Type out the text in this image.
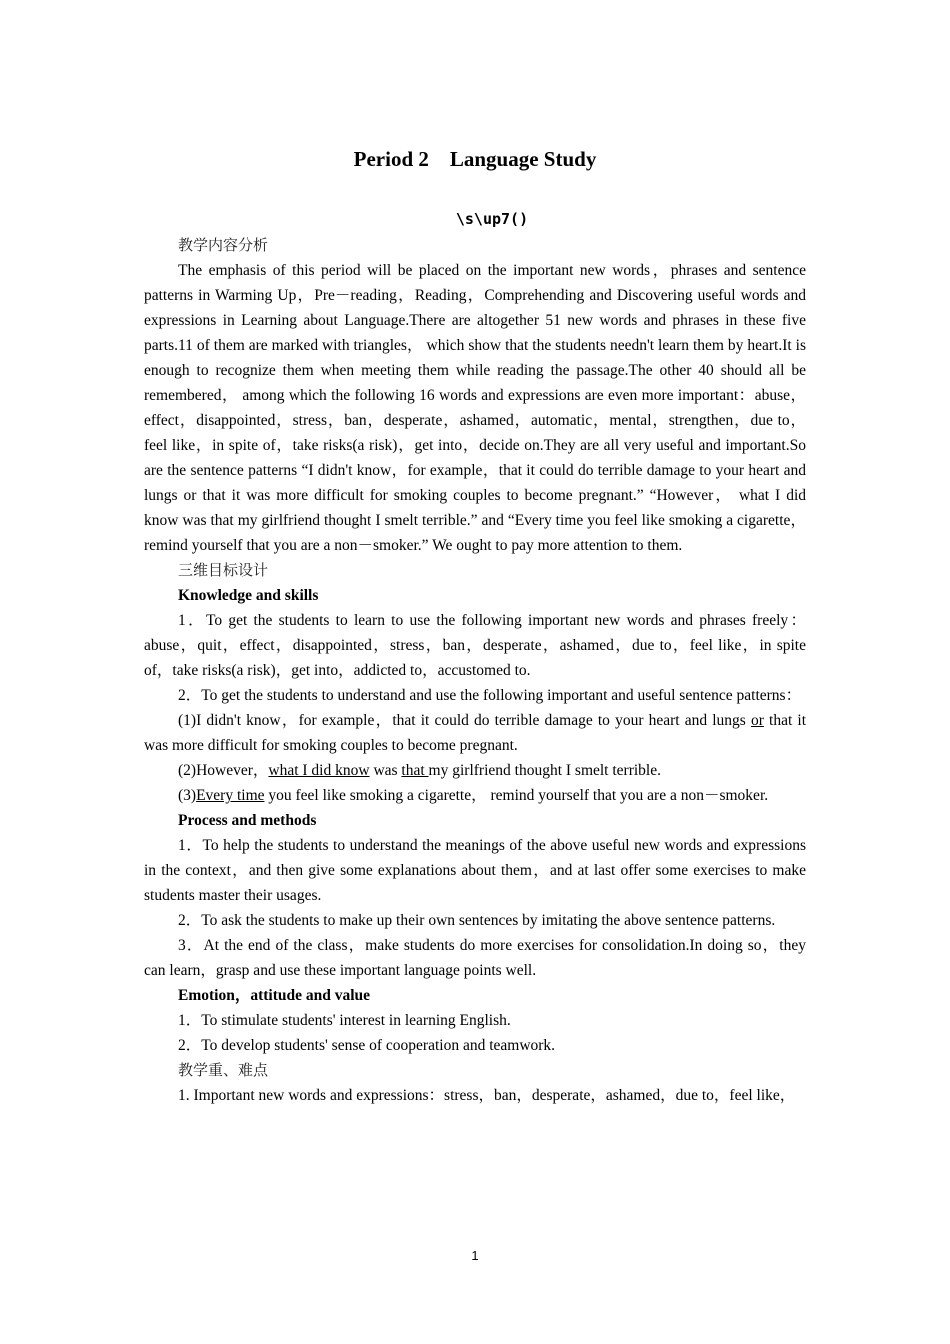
Period 2　Language Study
\s\up7()

教学内容分析

The emphasis of this period will be placed on the important new words，phrases and sentence patterns in Warming Up，Pre－reading，Reading，Comprehending and Discovering useful words and expressions in Learning about Language.There are altogether 51 new words and phrases in these five parts.11 of them are marked with triangles， which show that the students needn't learn them by heart.It is enough to recognize them when meeting them while reading the passage.The other 40 should all be remembered， among which the following 16 words and expressions are even more important：abuse，effect，disappointed，stress，ban，desperate，ashamed，automatic，mental，strengthen，due to，feel like，in spite of，take risks(a risk)，get into，decide on.They are all very useful and important.So are the sentence patterns “I didn't know，for example，that it could do terrible damage to your heart and lungs or that it was more difficult for smoking couples to become pregnant.” “However， what I did know was that my girlfriend thought I smelt terrible.” and “Every time you feel like smoking a cigarette，remind yourself that you are a non－smoker.” We ought to pay more attention to them.

三维目标设计

Knowledge and skills

1．To get the students to learn to use the following important new words and phrases freely：abuse，quit，effect，disappointed，stress，ban，desperate，ashamed，due to，feel like，in spite of，take risks(a risk)，get into，addicted to，accustomed to.

2．To get the students to understand and use the following important and useful sentence patterns：

(1)I didn't know，for example，that it could do terrible damage to your heart and lungs or that it was more difficult for smoking couples to become pregnant.

(2)However，what I did know was that my girlfriend thought I smelt terrible.

(3)Every time you feel like smoking a cigarette， remind yourself that you are a non－smoker.

Process and methods

1．To help the students to understand the meanings of the above useful new words and expressions in the context，and then give some explanations about them，and at last offer some exercises to make students master their usages.

2．To ask the students to make up their own sentences by imitating the above sentence patterns.

3．At the end of the class，make students do more exercises for consolidation.In doing so，they can learn，grasp and use these important language points well.

Emotion，attitude and value

1．To stimulate students' interest in learning English.

2．To develop students' sense of cooperation and teamwork.

教学重、难点

1. Important new words and expressions：stress，ban，desperate，ashamed，due to，feel like，

1
